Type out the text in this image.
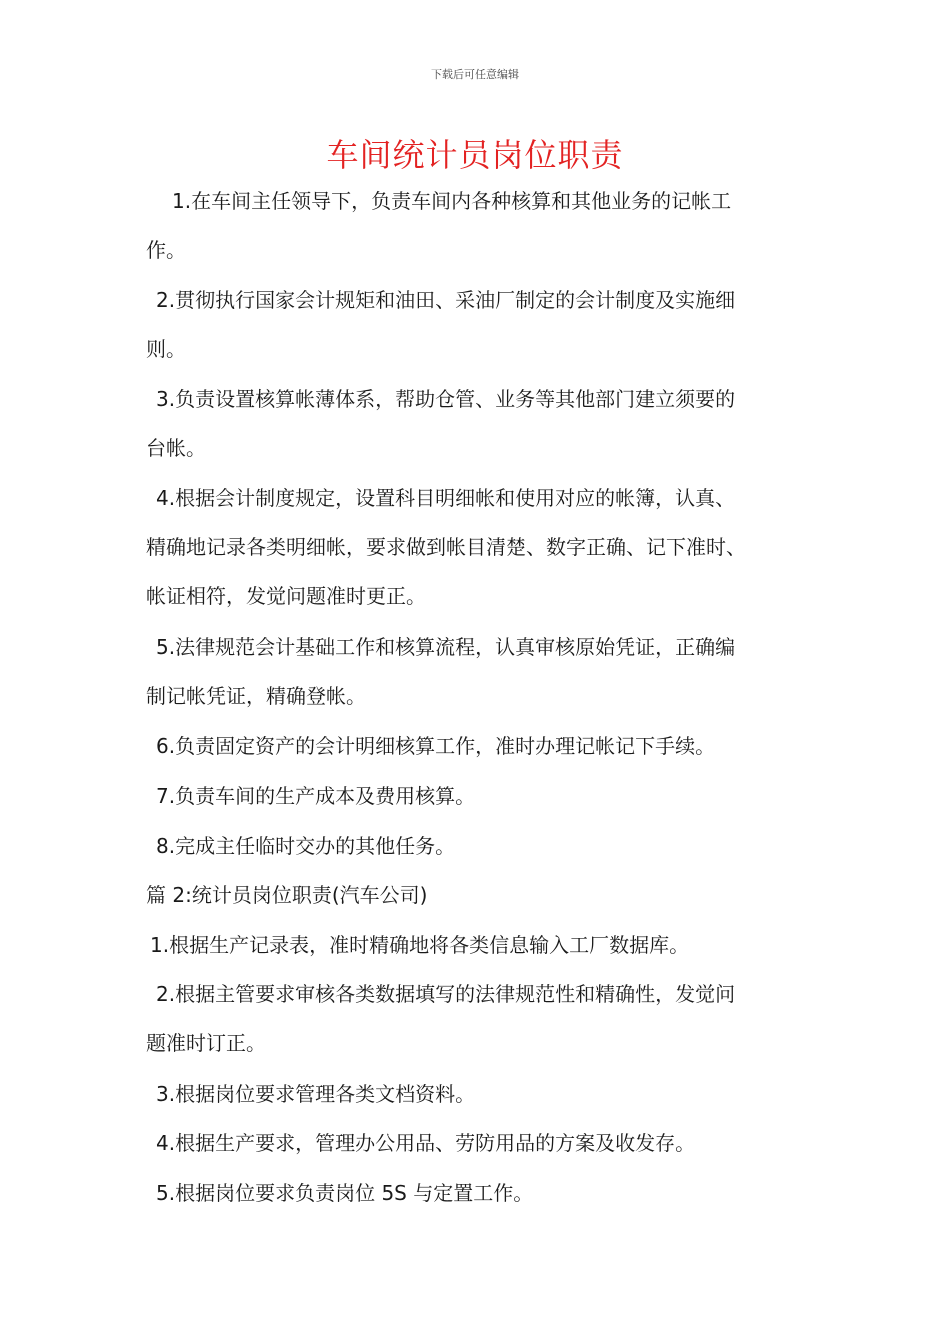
下载后可任意编辑
车间统计员岗位职责
1.在车间主任领导下，负责车间内各种核算和其他业务的记帐工
作。
2.贯彻执行国家会计规矩和油田、采油厂制定的会计制度及实施细
则。
3.负责设置核算帐薄体系，帮助仓管、业务等其他部门建立须要的
台帐。
4.根据会计制度规定，设置科目明细帐和使用对应的帐簿，认真、
精确地记录各类明细帐，要求做到帐目清楚、数字正确、记下准时、
帐证相符，发觉问题准时更正。
5.法律规范会计基础工作和核算流程，认真审核原始凭证，正确编
制记帐凭证，精确登帐。
6.负责固定资产的会计明细核算工作，准时办理记帐记下手续。
7.负责车间的生产成本及费用核算。
8.完成主任临时交办的其他任务。
篇 2:统计员岗位职责(汽车公司)
1.根据生产记录表，准时精确地将各类信息输入工厂数据库。
2.根据主管要求审核各类数据填写的法律规范性和精确性，发觉问
题准时订正。
3.根据岗位要求管理各类文档资料。
4.根据生产要求，管理办公用品、劳防用品的方案及收发存。
5.根据岗位要求负责岗位 5S 与定置工作。
